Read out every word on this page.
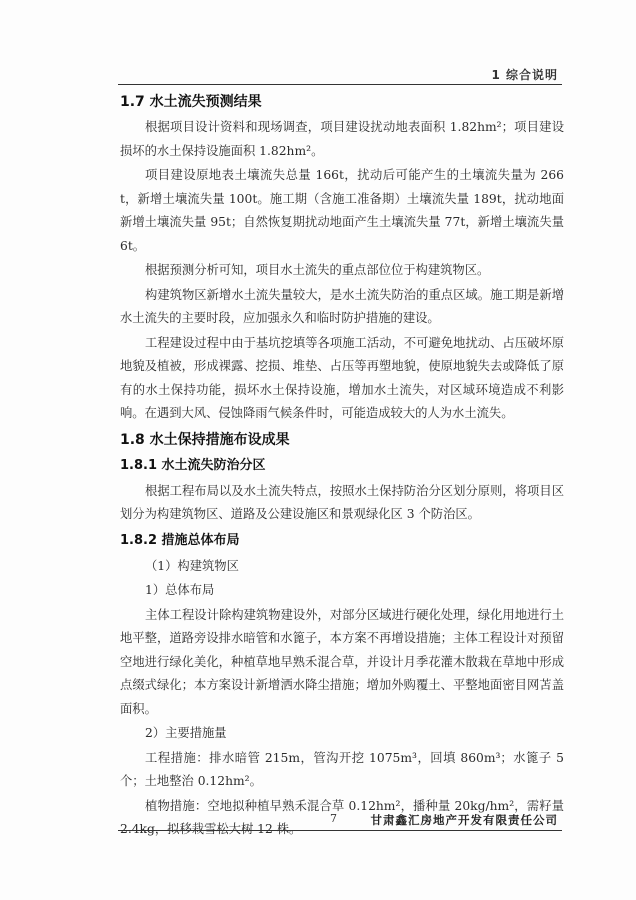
1 综合说明
1.7 水土流失预测结果
根据项目设计资料和现场调查，项目建设扰动地表面积 1.82hm²；项目建设损坏的水土保持设施面积 1.82hm²。
项目建设原地表土壤流失总量 166t，扰动后可能产生的土壤流失量为 266t，新增土壤流失量 100t。施工期（含施工准备期）土壤流失量 189t，扰动地面新增土壤流失量 95t；自然恢复期扰动地面产生土壤流失量 77t，新增土壤流失量 6t。
根据预测分析可知，项目水土流失的重点部位位于构建筑物区。
构建筑物区新增水土流失量较大，是水土流失防治的重点区域。施工期是新增水土流失的主要时段，应加强永久和临时防护措施的建设。
工程建设过程中由于基坑挖填等各项施工活动，不可避免地扰动、占压破坏原地貌及植被，形成裸露、挖损、堆垫、占压等再塑地貌，使原地貌失去或降低了原有的水土保持功能，损坏水土保持设施，增加水土流失，对区域环境造成不利影响。在遇到大风、侵蚀降雨气候条件时，可能造成较大的人为水土流失。
1.8 水土保持措施布设成果
1.8.1 水土流失防治分区
根据工程布局以及水土流失特点，按照水土保持防治分区划分原则，将项目区划分为构建筑物区、道路及公建设施区和景观绿化区 3 个防治区。
1.8.2 措施总体布局
（1）构建筑物区
1）总体布局
主体工程设计除构建筑物建设外，对部分区域进行硬化处理，绿化用地进行土地平整，道路旁设排水暗管和水篦子，本方案不再增设措施；主体工程设计对预留空地进行绿化美化，种植草地早熟禾混合草，并设计月季花灌木散栽在草地中形成点缀式绿化；本方案设计新增洒水降尘措施；增加外购覆土、平整地面密目网苫盖面积。
2）主要措施量
工程措施：排水暗管 215m，管沟开挖 1075m³，回填 860m³；水篦子 5 个；土地整治 0.12hm²。
植物措施：空地拟种植早熟禾混合草 0.12hm²，播种量 20kg/hm²，需籽量 2.4kg，拟移栽雪松大树 12 株。
7	甘肃鑫汇房地产开发有限责任公司
